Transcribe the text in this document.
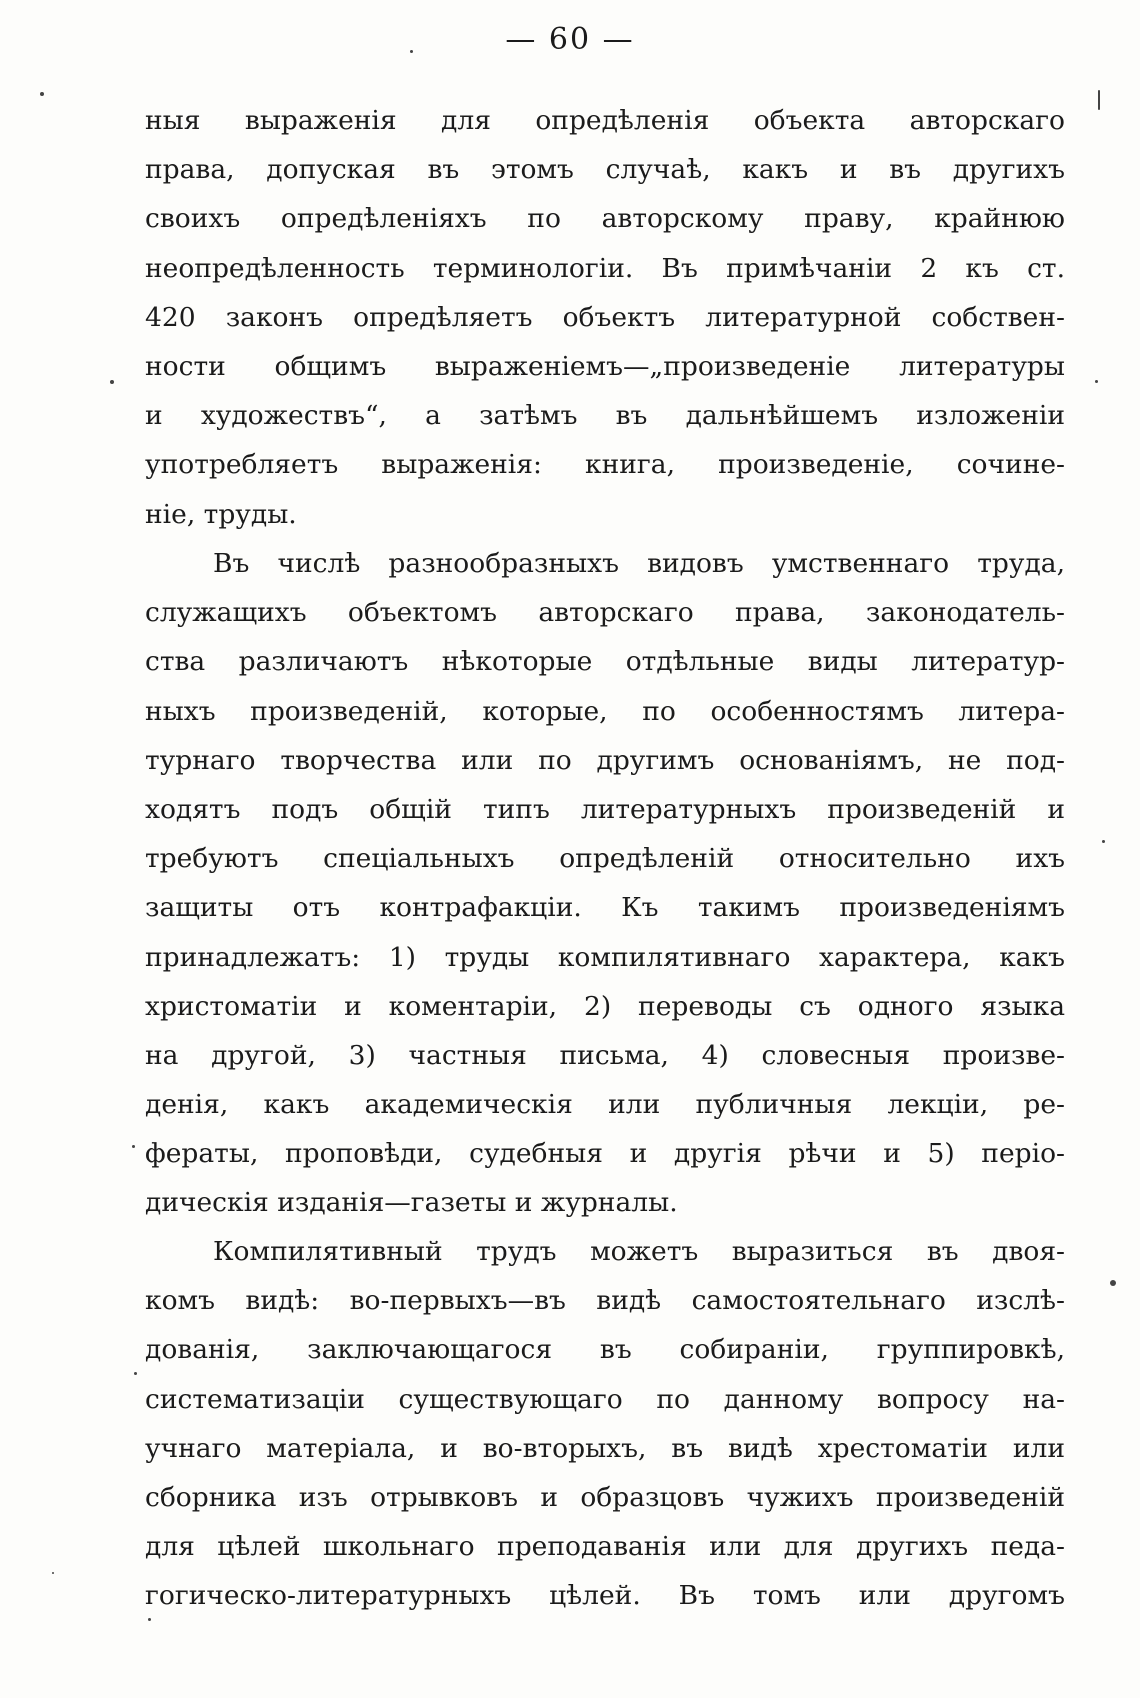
— 60 —
ныя выраженія для опредѣленія объекта авторскаго
права, допуская въ этомъ случаѣ, какъ и въ другихъ
своихъ опредѣленіяхъ по авторскому праву, крайнюю
неопредѣленность терминологіи. Въ примѣчаніи 2 къ ст.
420 законъ опредѣляетъ объектъ литературной собствен-
ности общимъ выраженіемъ—„произведеніе литературы
и художествъ“, а затѣмъ въ дальнѣйшемъ изложеніи
употребляетъ выраженія: книга, произведеніе, сочине-
ніе, труды.
Въ числѣ разнообразныхъ видовъ умственнаго труда,
служащихъ объектомъ авторскаго права, законодатель-
ства различаютъ нѣкоторые отдѣльные виды литератур-
ныхъ произведеній, которые, по особенностямъ литера-
турнаго творчества или по другимъ основаніямъ, не под-
ходятъ подъ общій типъ литературныхъ произведеній и
требуютъ спеціальныхъ опредѣленій относительно ихъ
защиты отъ контрафакціи. Къ такимъ произведеніямъ
принадлежатъ: 1) труды компилятивнаго характера, какъ
христоматіи и коментаріи, 2) переводы съ одного языка
на другой, 3) частныя письма, 4) словесныя произве-
денія, какъ академическія или публичныя лекціи, ре-
фераты, проповѣди, судебныя и другія рѣчи и 5) періо-
дическія изданія—газеты и журналы.
Компилятивный трудъ можетъ выразиться въ двоя-
комъ видѣ: во-первыхъ—въ видѣ самостоятельнаго изслѣ-
дованія, заключающагося въ собираніи, группировкѣ,
систематизаціи существующаго по данному вопросу на-
учнаго матеріала, и во-вторыхъ, въ видѣ хрестоматіи или
сборника изъ отрывковъ и образцовъ чужихъ произведеній
для цѣлей школьнаго преподаванія или для другихъ педа-
гогическо-литературныхъ цѣлей. Въ томъ или другомъ
